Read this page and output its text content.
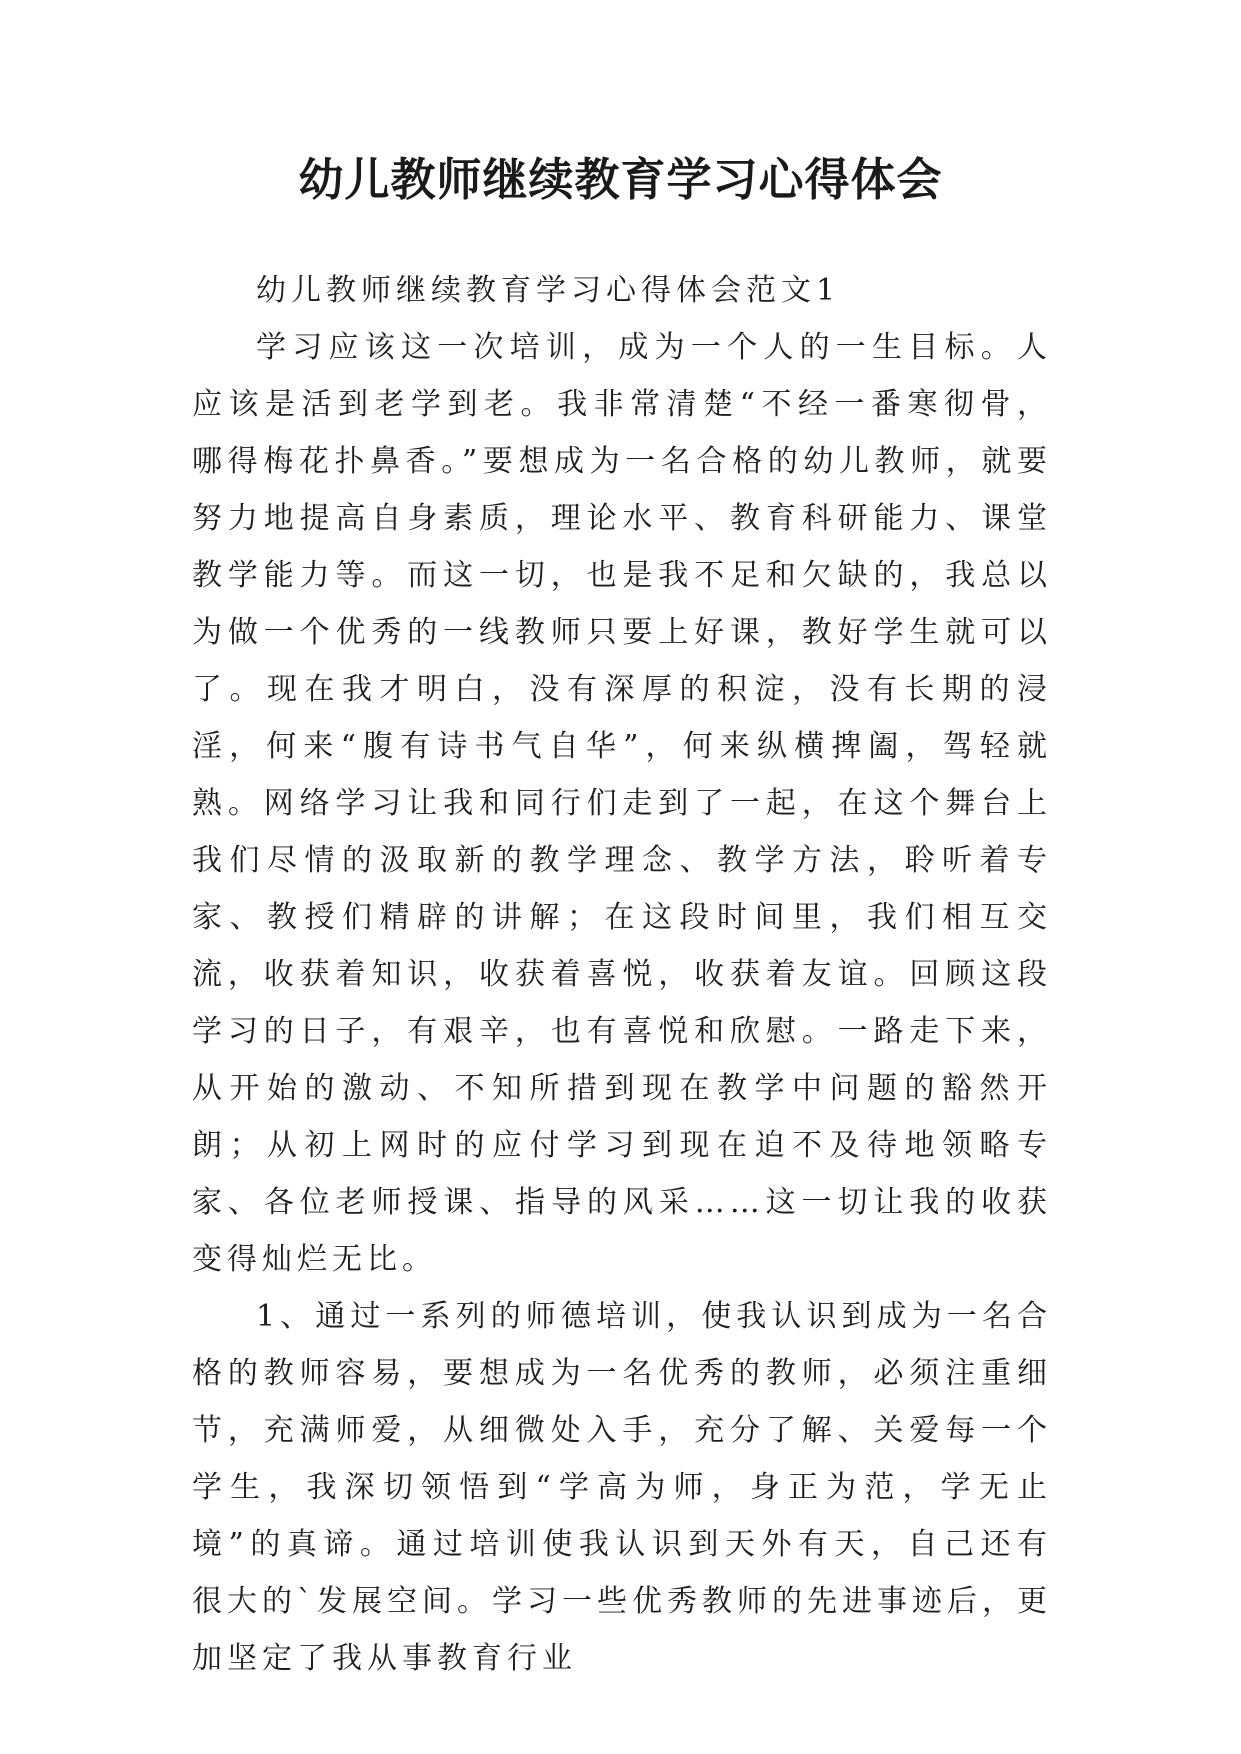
幼儿教师继续教育学习心得体会

幼儿教师继续教育学习心得体会范文1

学习应该这一次培训，成为一个人的一生目标。人应该是活到老学到老。我非常清楚“不经一番寒彻骨，哪得梅花扑鼻香。”要想成为一名合格的幼儿教师，就要努力地提高自身素质，理论水平、教育科研能力、课堂教学能力等。而这一切，也是我不足和欠缺的，我总以为做一个优秀的一线教师只要上好课，教好学生就可以了。现在我才明白，没有深厚的积淀，没有长期的浸淫，何来“腹有诗书气自华”，何来纵横捭阖，驾轻就熟。网络学习让我和同行们走到了一起，在这个舞台上我们尽情的汲取新的教学理念、教学方法，聆听着专家、教授们精辟的讲解；在这段时间里，我们相互交流，收获着知识，收获着喜悦，收获着友谊。回顾这段学习的日子，有艰辛，也有喜悦和欣慰。一路走下来，从开始的激动、不知所措到现在教学中问题的豁然开朗；从初上网时的应付学习到现在迫不及待地领略专家、各位老师授课、指导的风采……这一切让我的收获变得灿烂无比。

1、通过一系列的师德培训，使我认识到成为一名合格的教师容易，要想成为一名优秀的教师，必须注重细节，充满师爱，从细微处入手，充分了解、关爱每一个学生，我深切领悟到“学高为师，身正为范，学无止境”的真谛。通过培训使我认识到天外有天，自己还有很大的`发展空间。学习一些优秀教师的先进事迹后，更加坚定了我从事教育行业
